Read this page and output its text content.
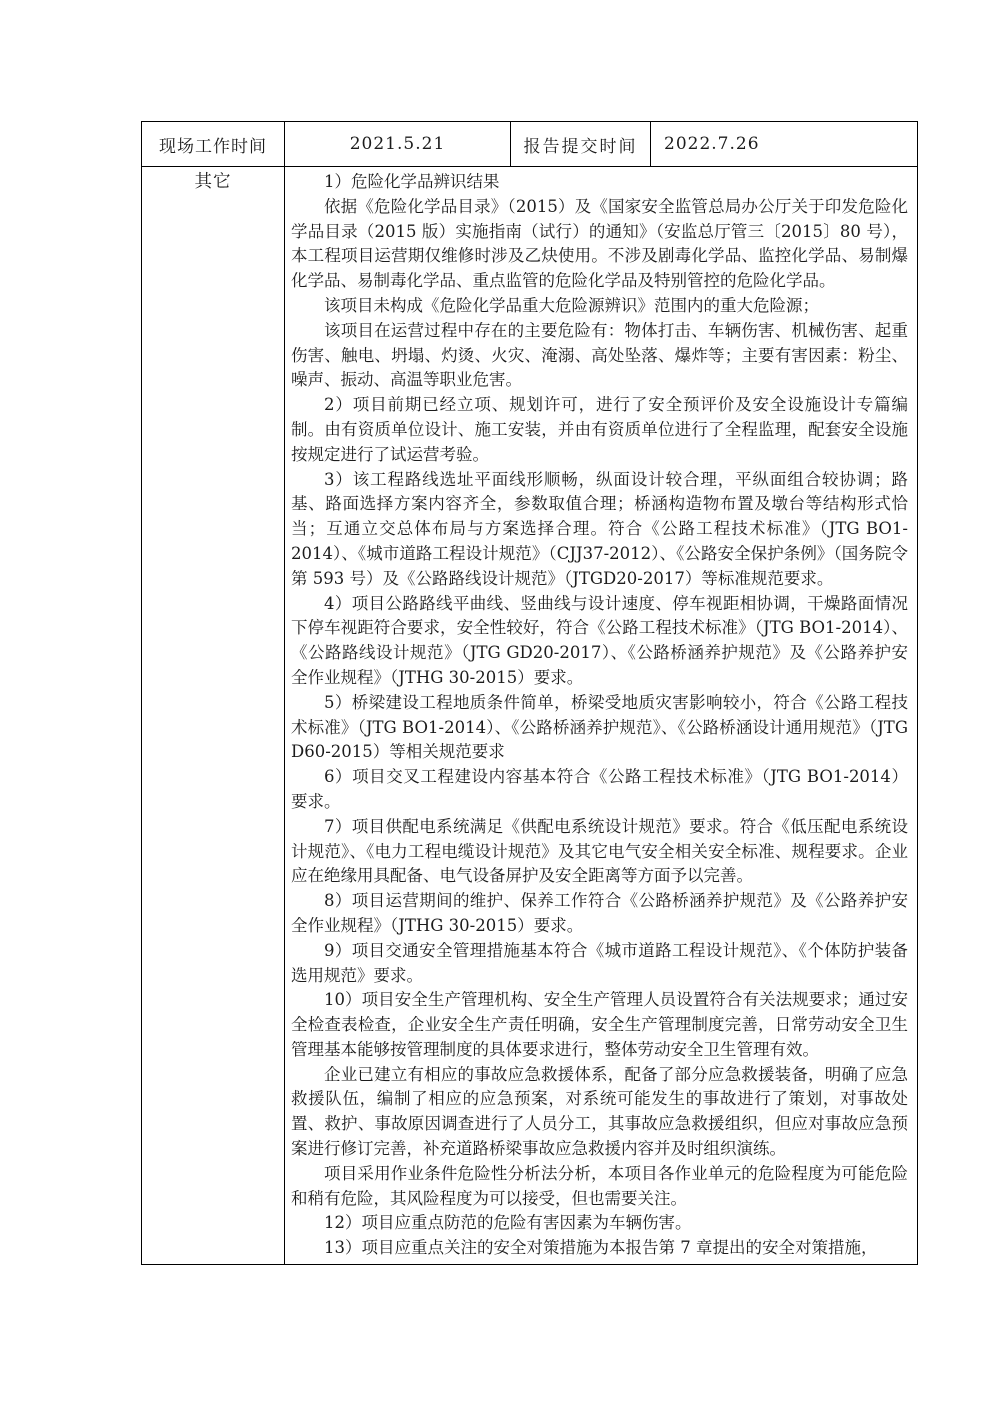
现场工作时间	2021.5.21	报告提交时间	2022.7.26
其它	1）危险化学品辨识结果

依据《危险化学品目录》（2015）及《国家安全监管总局办公厅关于印发危险化学品目录（2015 版）实施指南（试行）的通知》（安监总厅管三〔2015〕80 号），本工程项目运营期仅维修时涉及乙炔使用。不涉及剧毒化学品、监控化学品、易制爆化学品、易制毒化学品、重点监管的危险化学品及特别管控的危险化学品。

该项目未构成《危险化学品重大危险源辨识》范围内的重大危险源；

该项目在运营过程中存在的主要危险有：物体打击、车辆伤害、机械伤害、起重伤害、触电、坍塌、灼烫、火灾、淹溺、高处坠落、爆炸等；主要有害因素：粉尘、噪声、振动、高温等职业危害。

2）项目前期已经立项、规划许可，进行了安全预评价及安全设施设计专篇编制。由有资质单位设计、施工安装，并由有资质单位进行了全程监理，配套安全设施按规定进行了试运营考验。

3）该工程路线选址平面线形顺畅，纵面设计较合理，平纵面组合较协调；路基、路面选择方案内容齐全，参数取值合理；桥涵构造物布置及墩台等结构形式恰当；互通立交总体布局与方案选择合理。符合《公路工程技术标准》（JTG BO1-2014）、《城市道路工程设计规范》（CJJ37-2012）、《公路安全保护条例》（国务院令第 593 号）及《公路路线设计规范》（JTGD20-2017）等标准规范要求。

4）项目公路路线平曲线、竖曲线与设计速度、停车视距相协调，干燥路面情况下停车视距符合要求，安全性较好，符合《公路工程技术标准》（JTG BO1-2014）、《公路路线设计规范》（JTG GD20-2017）、《公路桥涵养护规范》及《公路养护安全作业规程》（JTHG 30-2015）要求。

5）桥梁建设工程地质条件简单，桥梁受地质灾害影响较小，符合《公路工程技术标准》（JTG BO1-2014）、《公路桥涵养护规范》、《公路桥涵设计通用规范》（JTG D60-2015）等相关规范要求

6）项目交叉工程建设内容基本符合《公路工程技术标准》（JTG BO1-2014）要求。

7）项目供配电系统满足《供配电系统设计规范》要求。符合《低压配电系统设计规范》、《电力工程电缆设计规范》及其它电气安全相关安全标准、规程要求。企业应在绝缘用具配备、电气设备屏护及安全距离等方面予以完善。

8）项目运营期间的维护、保养工作符合《公路桥涵养护规范》及《公路养护安全作业规程》（JTHG 30-2015）要求。

9）项目交通安全管理措施基本符合《城市道路工程设计规范》、《个体防护装备选用规范》要求。

10）项目安全生产管理机构、安全生产管理人员设置符合有关法规要求；通过安全检查表检查，企业安全生产责任明确，安全生产管理制度完善，日常劳动安全卫生管理基本能够按管理制度的具体要求进行，整体劳动安全卫生管理有效。

企业已建立有相应的事故应急救援体系，配备了部分应急救援装备，明确了应急救援队伍，编制了相应的应急预案，对系统可能发生的事故进行了策划，对事故处置、救护、事故原因调查进行了人员分工，其事故应急救援组织，但应对事故应急预案进行修订完善，补充道路桥梁事故应急救援内容并及时组织演练。

项目采用作业条件危险性分析法分析，本项目各作业单元的危险程度为可能危险和稍有危险，其风险程度为可以接受，但也需要关注。

12）项目应重点防范的危险有害因素为车辆伤害。

13）项目应重点关注的安全对策措施为本报告第 7 章提出的安全对策措施，
